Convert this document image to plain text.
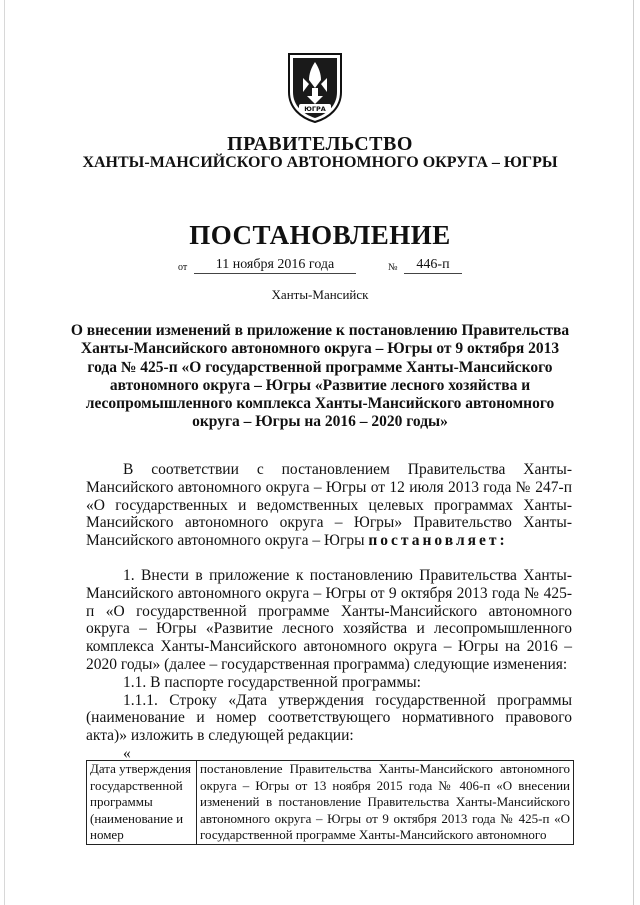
ЮГРА
ПРАВИТЕЛЬСТВО
ХАНТЫ-МАНСИЙСКОГО АВТОНОМНОГО ОКРУГА – ЮГРЫ
ПОСТАНОВЛЕНИЕ
от	11 ноября 2016 года	№	446-п
Ханты-Мансийск
О внесении изменений в приложение к постановлению Правительства Ханты-Мансийского автономного округа – Югры от 9 октября 2013 года № 425-п «О государственной программе Ханты-Мансийского автономного округа – Югры «Развитие лесного хозяйства и лесопромышленного комплекса Ханты-Мансийского автономного округа – Югры на 2016 – 2020 годы»

В соответствии с постановлением Правительства Ханты-Мансийского автономного округа – Югры от 12 июля 2013 года № 247-п «О государственных и ведомственных целевых программах Ханты-Мансийского автономного округа – Югры» Правительство Ханты-Мансийского автономного округа – Югры постановляет:

1. Внести в приложение к постановлению Правительства Ханты-Мансийского автономного округа – Югры от 9 октября 2013 года № 425-п «О государственной программе Ханты-Мансийского автономного округа – Югры «Развитие лесного хозяйства и лесопромышленного комплекса Ханты-Мансийского автономного округа – Югры на 2016 – 2020 годы» (далее – государственная программа) следующие изменения:

1.1. В паспорте государственной программы:

1.1.1. Строку «Дата утверждения государственной программы (наименование и номер соответствующего нормативного правового акта)» изложить в следующей редакции:

«

Дата утверждения государственной программы (наименование и номер	постановление Правительства Ханты-Мансийского автономного округа – Югры от 13 ноября 2015 года № 406-п «О внесении изменений в постановление Правительства Ханты-Мансийского автономного округа – Югры от 9 октября 2013 года № 425-п «О государственной программе Ханты-Мансийского автономного
